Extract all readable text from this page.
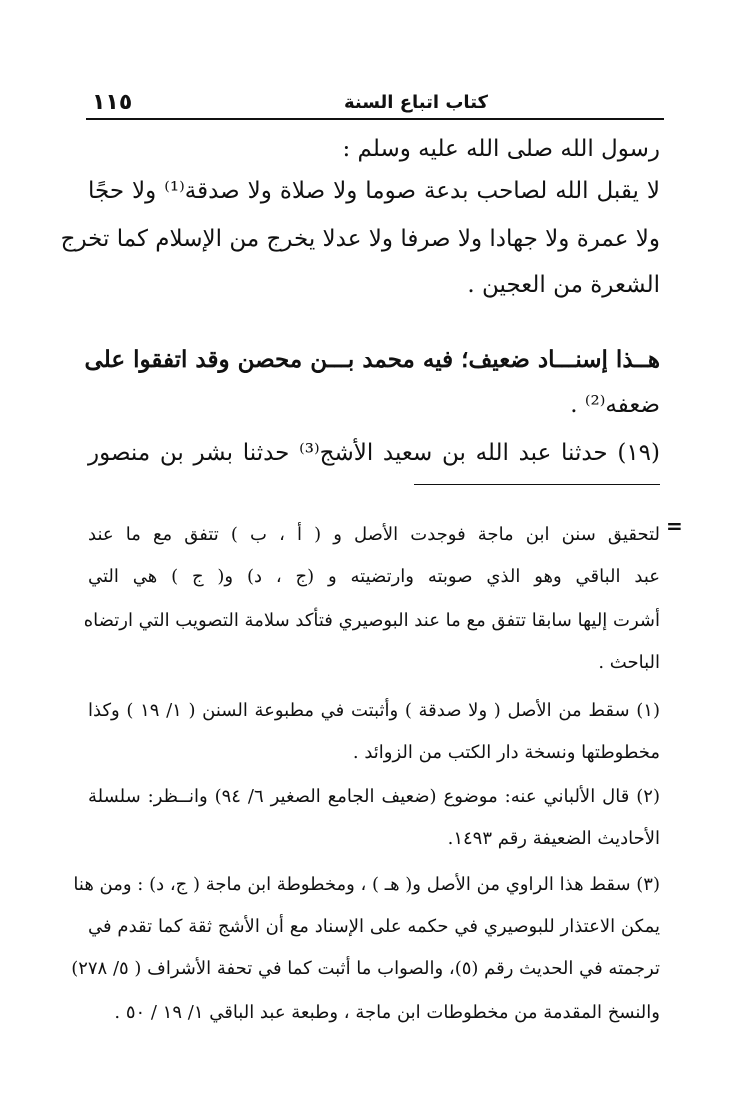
١١٥	كتاب اتباع السنة
رسول الله صلى الله عليه وسلم :
لا يقبل الله لصاحب بدعة صوما ولا صلاة ولا صدقة⁽¹⁾ ولا حجًا
ولا عمرة ولا جهادا ولا صرفا ولا عدلا يخرج من الإسلام كما تخرج
الشعرة من العجين .
هــذا إسنـــاد ضعيف؛ فيه محمد بـــن محصن وقد اتفقوا على
ضعفه⁽²⁾ .
(١٩) حدثنا عبد الله بن سعيد الأشج⁽³⁾ حدثنا بشر بن منصور
=
لتحقيق سنن ابن ماجة فوجدت الأصل و ( أ ، ب ) تتفق مع ما عند
عبد الباقي وهو الذي صوبته وارتضيته و (ج ، د) و( ج ) هي التي
أشرت إليها سابقا تتفق مع ما عند البوصيري فتأكد سلامة التصويب التي ارتضاه
الباحث .
(١) سقط من الأصل ( ولا صدقة ) وأثبتت في مطبوعة السنن ( ١/ ١٩ ) وكذا
مخطوطتها ونسخة دار الكتب من الزوائد .
(٢) قال الألباني عنه: موضوع (ضعيف الجامع الصغير ٦/ ٩٤) وانــظر: سلسلة
الأحاديث الضعيفة رقم ١٤٩٣.
(٣) سقط هذا الراوي من الأصل و( هـ ) ، ومخطوطة ابن ماجة ( ج، د) : ومن هنا
يمكن الاعتذار للبوصيري في حكمه على الإسناد مع أن الأشج ثقة كما تقدم في
ترجمته في الحديث رقم (٥)، والصواب ما أثبت كما في تحفة الأشراف ( ٥/ ٢٧٨)
والنسخ المقدمة من مخطوطات ابن ماجة ، وطبعة عبد الباقي ١/ ١٩ / ٥٠ .
